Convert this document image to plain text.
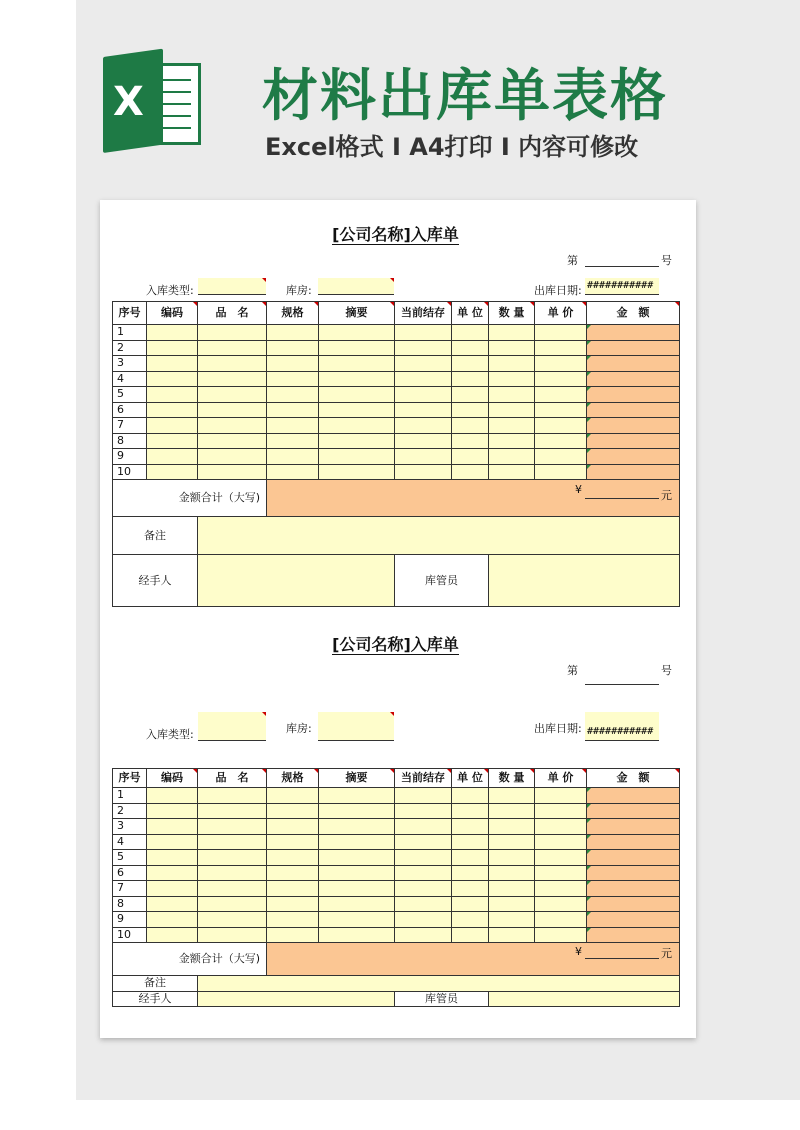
X 材料出库单表格
Excel格式 I A4打印 I 内容可修改
[公司名称]入库单
第	号
入库类型:	库房:	出库日期: ###########
序号	编码	品　名	规格	摘要	当前结存	单 位	数 量	单 价	金　额
1									
2									
3									
4									
5									
6									
7									
8									
9									
10									
金额合计（大写)			¥ 元						

备注									
经手人					库管员				
[公司名称]入库单
第	号
入库类型:	库房:	出库日期: ###########
序号	编码	品　名	规格	摘要	当前结存	单 位	数 量	单 价	金　额
1									
2									
3									
4									
5									
6									
7									
8									
9									
10									
金额合计（大写)			¥ 元						

备注									
经手人					库管员				
